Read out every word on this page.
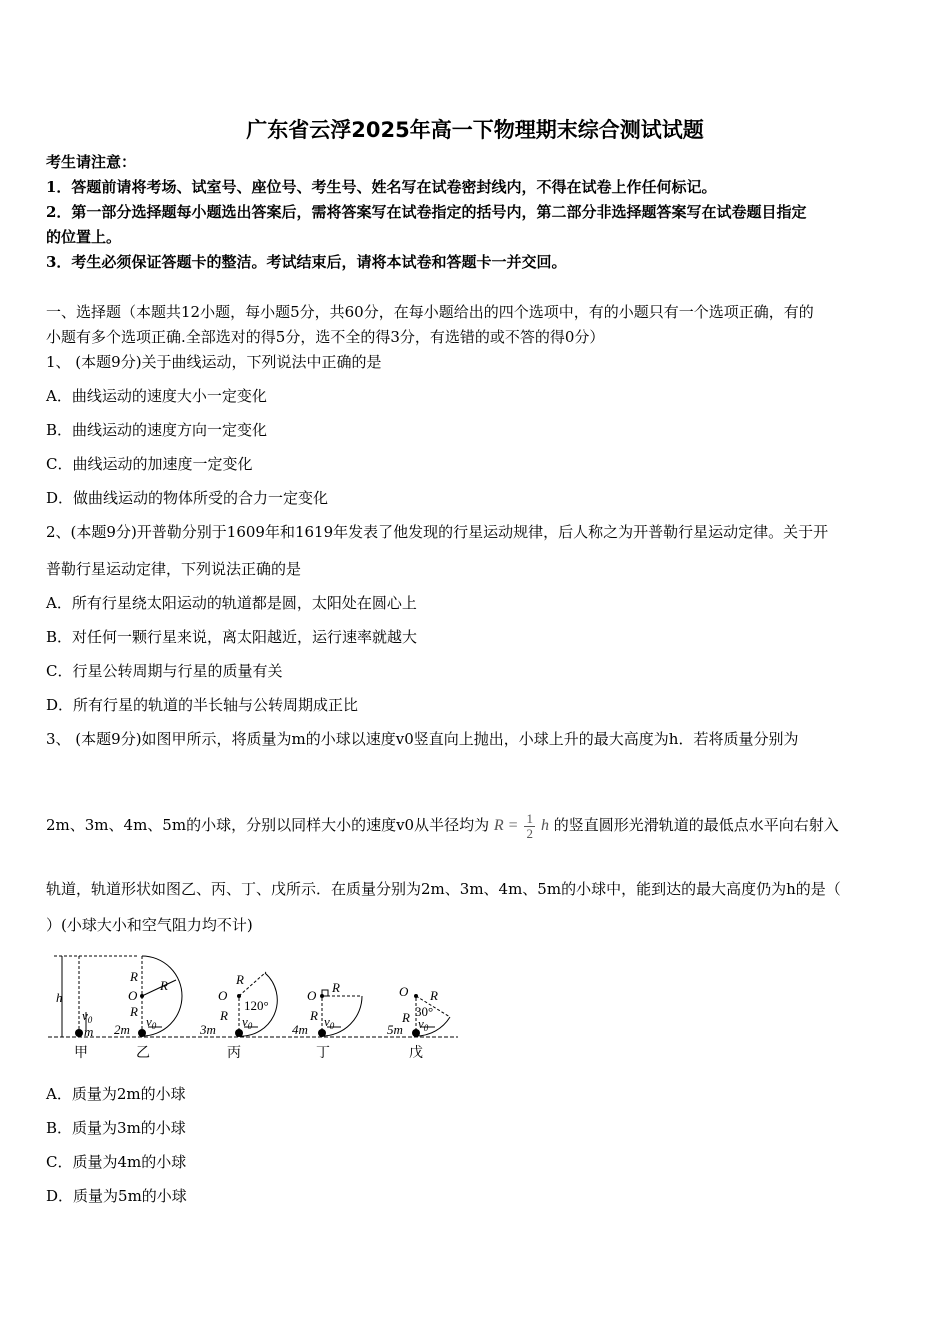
广东省云浮2025年高一下物理期末综合测试试题
考生请注意：
1．答题前请将考场、试室号、座位号、考生号、姓名写在试卷密封线内，不得在试卷上作任何标记。
2．第一部分选择题每小题选出答案后，需将答案写在试卷指定的括号内，第二部分非选择题答案写在试卷题目指定
的位置上。
3．考生必须保证答题卡的整洁。考试结束后，请将本试卷和答题卡一并交回。
一、选择题（本题共12小题，每小题5分，共60分，在每小题给出的四个选项中，有的小题只有一个选项正确，有的
小题有多个选项正确.全部选对的得5分，选不全的得3分，有选错的或不答的得0分）
1、 (本题9分)关于曲线运动，下列说法中正确的是
A．曲线运动的速度大小一定变化
B．曲线运动的速度方向一定变化
C．曲线运动的加速度一定变化
D．做曲线运动的物体所受的合力一定变化
2、(本题9分)开普勒分别于1609年和1619年发表了他发现的行星运动规律，后人称之为开普勒行星运动定律。关于开
普勒行星运动定律，下列说法正确的是
A．所有行星绕太阳运动的轨道都是圆，太阳处在圆心上
B．对任何一颗行星来说，离太阳越近，运行速率就越大
C．行星公转周期与行星的质量有关
D．所有行星的轨道的半长轴与公转周期成正比
3、 (本题9分)如图甲所示，将质量为m的小球以速度v0竖直向上抛出，小球上升的最大高度为h．若将质量分别为
2m、3m、4m、5m的小球，分别以同样大小的速度v0从半径均为 $R = \frac{1}{2}$ h 的竖直圆形光滑轨道的最低点水平向右射入
轨道，轨道形状如图乙、丙、丁、戊所示．在质量分别为2m、3m、4m、5m的小球中，能到达的最大高度仍为h的是（
）(小球大小和空气阻力均不计)
h
$v_0$
m
R
O
R
R
2m
$v_0$
R
O
R
3m
$v_0$
O
R
R
4m
$v_0$
O R
R
5m $v_0$
120°	30°
甲	乙	丙	丁	戊
A．质量为2m的小球
B．质量为3m的小球
C．质量为4m的小球
D．质量为5m的小球
